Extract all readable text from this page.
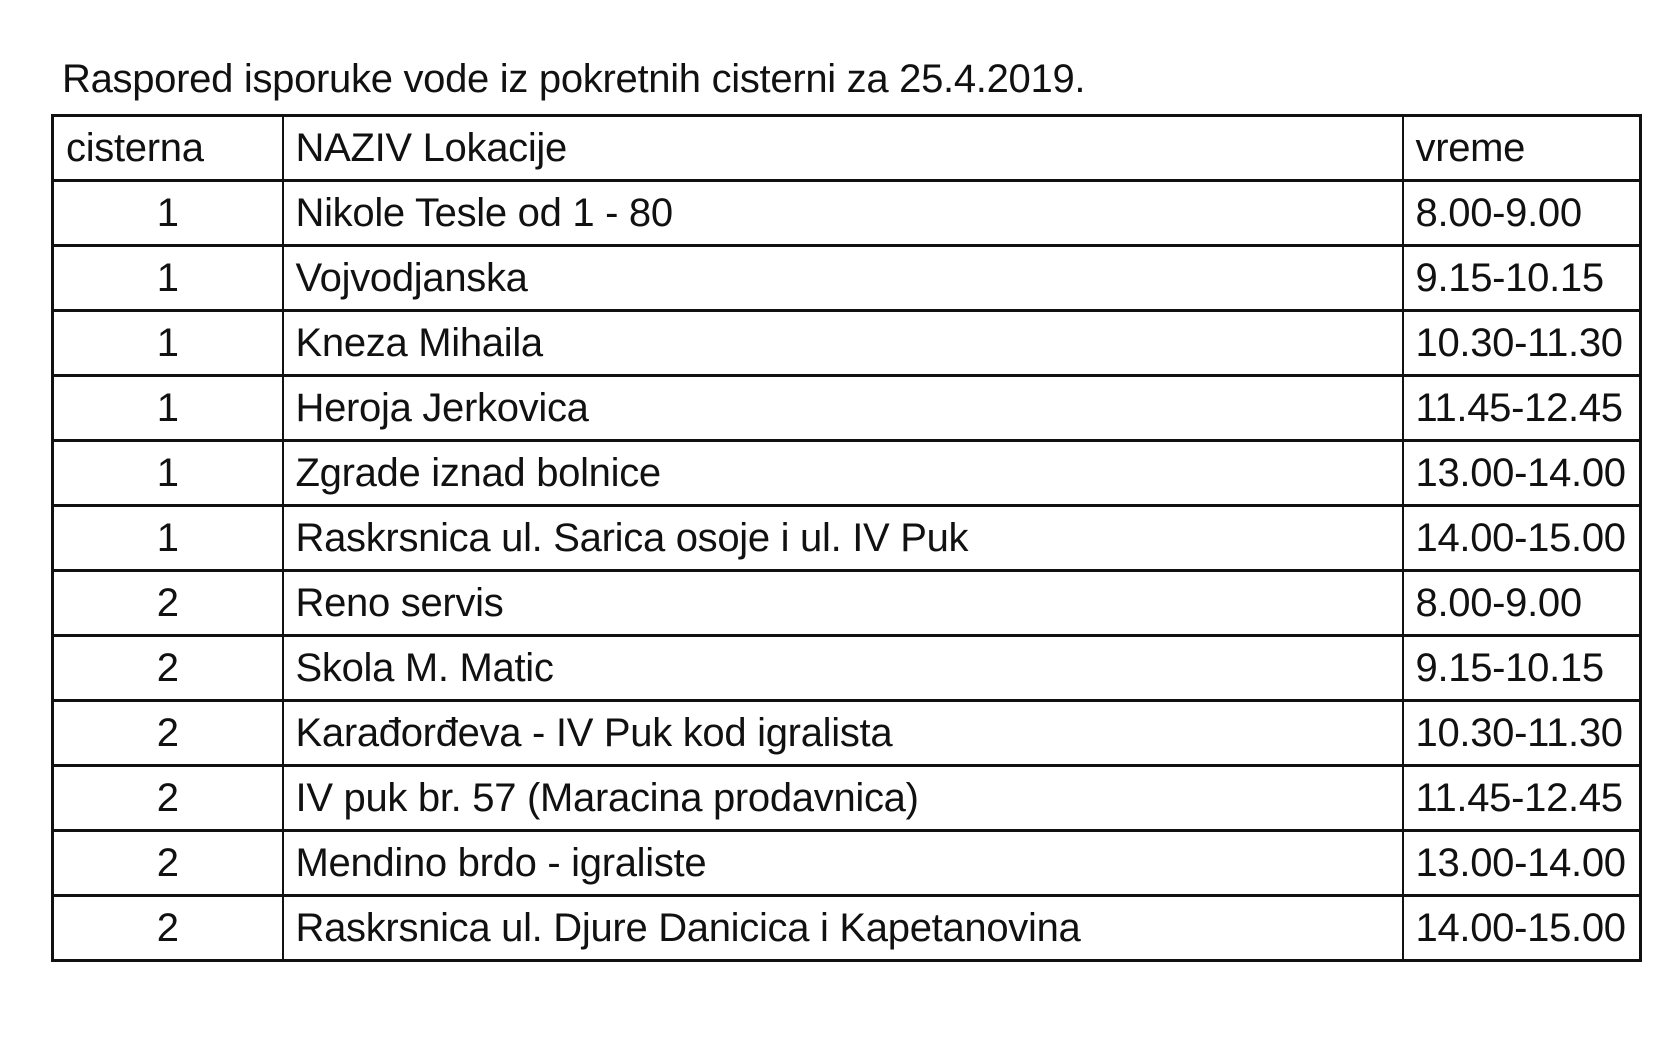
Raspored isporuke vode iz pokretnih cisterni za 25.4.2019.
cisterna	NAZIV Lokacije	vreme
1	Nikole Tesle od 1 - 80	8.00-9.00
1	Vojvodjanska	9.15-10.15
1	Kneza Mihaila	10.30-11.30
1	Heroja Jerkovica	11.45-12.45
1	Zgrade iznad bolnice	13.00-14.00
1	Raskrsnica ul. Sarica osoje i ul. IV Puk	14.00-15.00
2	Reno servis	8.00-9.00
2	Skola M. Matic	9.15-10.15
2	Karađorđeva - IV Puk kod igralista	10.30-11.30
2	IV puk br. 57 (Maracina prodavnica)	11.45-12.45
2	Mendino brdo - igraliste	13.00-14.00
2	Raskrsnica ul. Djure Danicica i Kapetanovina	14.00-15.00
